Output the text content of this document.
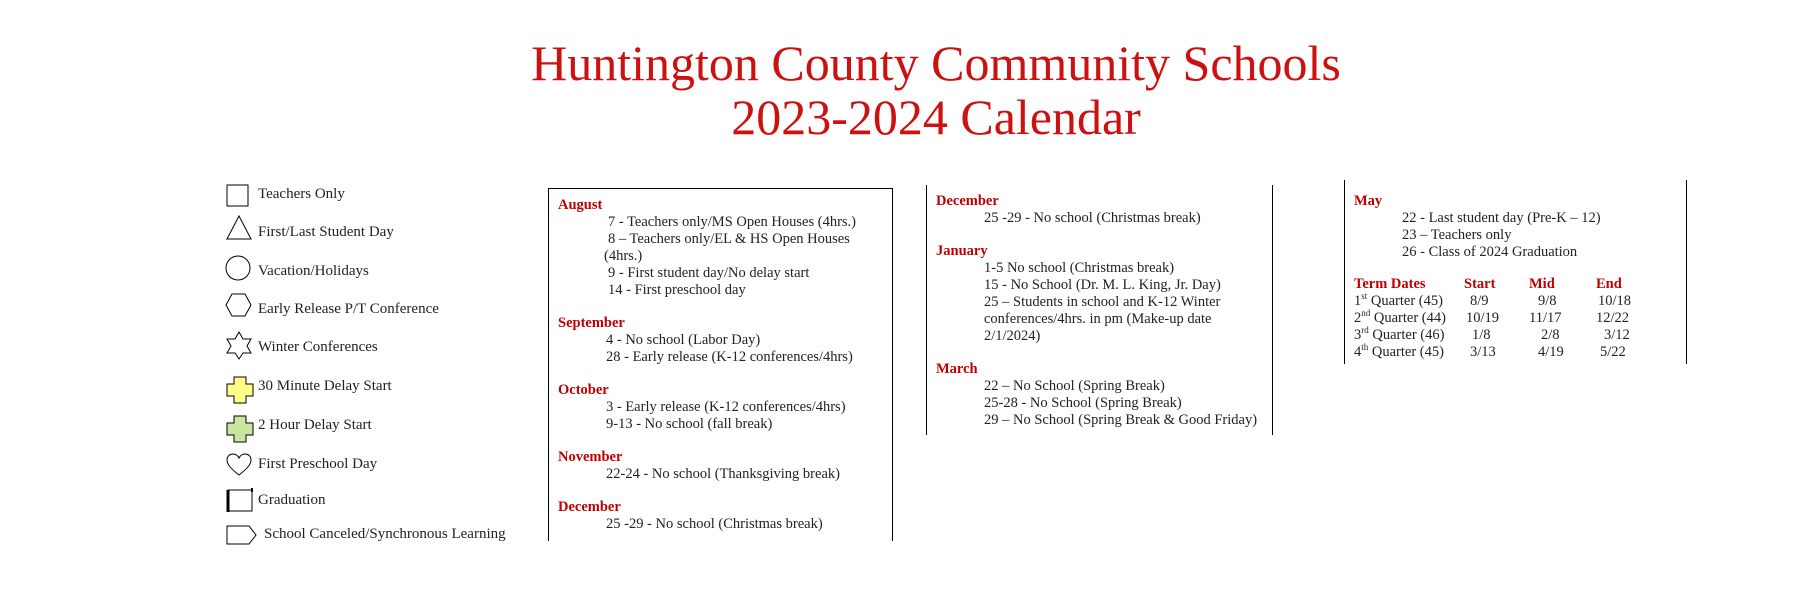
Huntington County Community Schools
2023-2024 Calendar
Teachers Only
First/Last Student Day
Vacation/Holidays
Early Release P/T Conference
Winter Conferences
30 Minute Delay Start
2 Hour Delay Start
First Preschool Day
Graduation
School Canceled/Synchronous Learning
August
7 - Teachers only/MS Open Houses (4hrs.)
8 – Teachers only/EL & HS Open Houses
(4hrs.)
9 - First student day/No delay start
14 - First preschool day
September
4 - No school (Labor Day)
28 - Early release (K-12 conferences/4hrs)
October
3 - Early release (K-12 conferences/4hrs)
9-13 - No school (fall break)
November
22-24 - No school (Thanksgiving break)
December
25 -29 - No school (Christmas break)
December
25 -29 - No school (Christmas break)
January
1-5 No school (Christmas break)
15 - No School (Dr. M. L. King, Jr. Day)
25 – Students in school and K-12 Winter
conferences/4hrs. in pm (Make-up date
2/1/2024)
March
22 – No School (Spring Break)
25-28 - No School (Spring Break)
29 – No School (Spring Break & Good Friday)
May
22 - Last student day (Pre-K – 12)
23 – Teachers only
26 - Class of 2024 Graduation
Term Dates	Start	Mid	End
1st Quarter (45)	8/9	9/8	10/18
2nd Quarter (44)	10/19	11/17	12/22
3rd Quarter (46)	1/8	2/8	3/12
4th Quarter (45)	3/13	4/19	5/22
